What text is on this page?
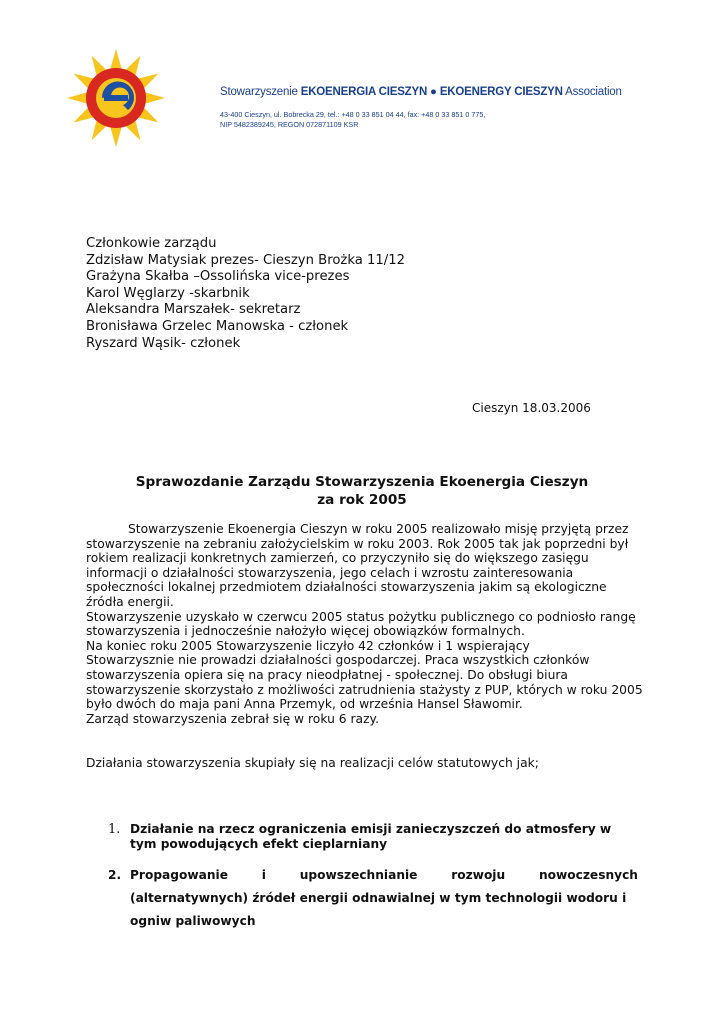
Stowarzyszenie EKOENERGIA CIESZYN ● EKOENERGY CIESZYN Association
43-400 Cieszyn, ul. Bobrecka 29, tel.: +48 0 33 851 04 44, fax: +48 0 33 851 0 775,
NIP 5482389245, REGON 072871109 KSR
Członkowie zarządu
Zdzisław Matysiak prezes- Cieszyn Brożka 11/12
Grażyna Skałba –Ossolińska vice-prezes
Karol Węglarzy -skarbnik
Aleksandra Marszałek- sekretarz
Bronisława Grzelec Manowska - członek
Ryszard Wąsik- członek
Cieszyn 18.03.2006
Sprawozdanie Zarządu Stowarzyszenia Ekoenergia Cieszyn
za rok 2005

Stowarzyszenie Ekoenergia Cieszyn w roku 2005 realizowało misję przyjętą przez stowarzyszenie na zebraniu założycielskim w roku 2003. Rok 2005 tak jak poprzedni był rokiem realizacji konkretnych zamierzeń, co przyczyniło się do większego zasięgu informacji o działalności stowarzyszenia, jego celach i wzrostu zainteresowania społeczności lokalnej przedmiotem działalności stowarzyszenia jakim są ekologiczne źródła energii.

Stowarzyszenie uzyskało w czerwcu 2005 status pożytku publicznego co podniosło rangę stowarzyszenia i jednocześnie nałożyło więcej obowiązków formalnych.

Na koniec roku 2005 Stowarzyszenie liczyło 42 członków i 1 wspierający

Stowarzysznie nie prowadzi działalności gospodarczej. Praca wszystkich członków stowarzyszenia opiera się na pracy nieodpłatnej - społecznej. Do obsługi biura stowarzyszenie skorzystało z możliwości zatrudnienia stażysty z PUP, których w roku 2005 było dwóch do maja pani Anna Przemyk, od września Hansel Sławomir.

Zarząd stowarzyszenia zebrał się w roku 6 razy.

Działania stowarzyszenia skupiały się na realizacji celów statutowych jak;

1. Działanie na rzecz ograniczenia emisji zanieczyszczeń do atmosfery w tym powodujących efekt cieplarniany
2. Propagowanie	i	upowszechnianie	rozwoju	nowoczesnych
(alternatywnych) źródeł energii odnawialnej w tym technologii wodoru i
ogniw paliwowych
